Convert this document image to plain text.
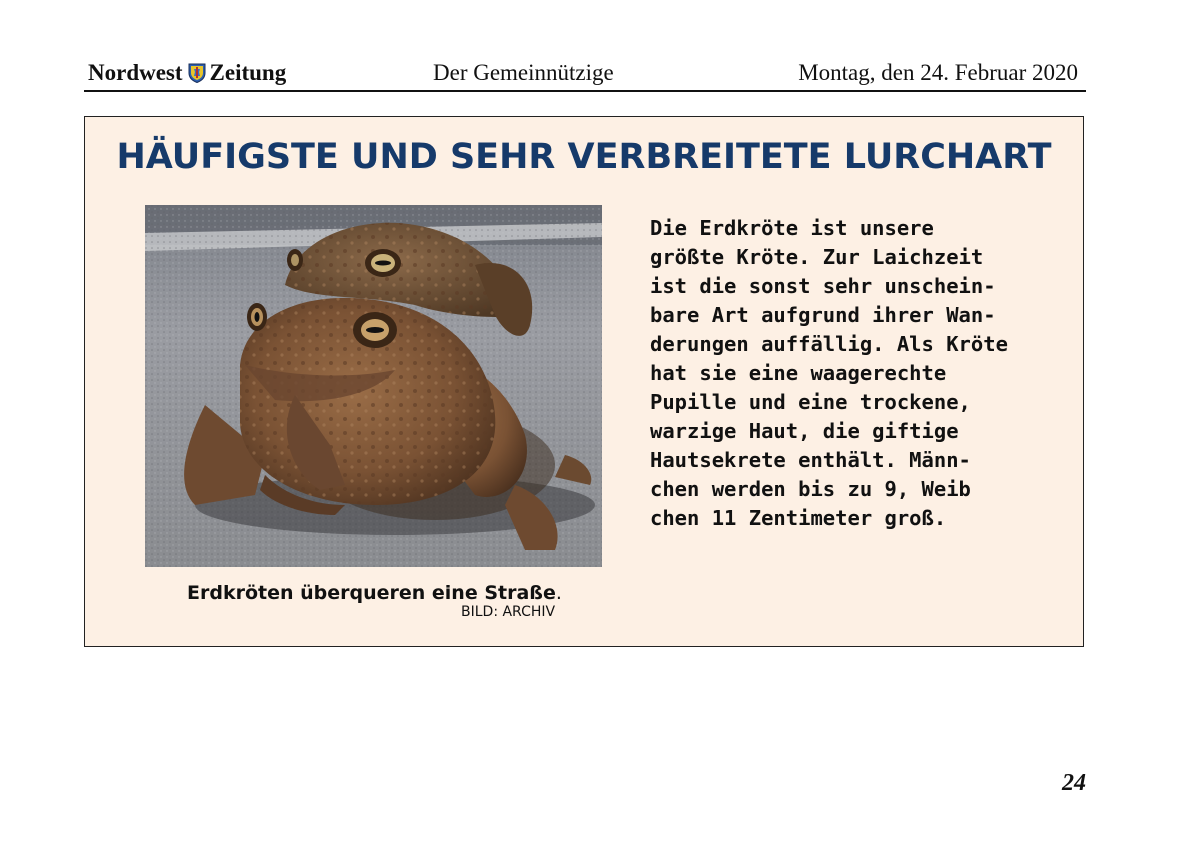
Nordwest Zeitung	Der Gemeinnützige	Montag, den 24. Februar 2020
HÄUFIGSTE UND SEHR VERBREITETE LURCHART
Erdkröten überqueren eine Straße.
BILD: ARCHIV
Die Erdkröte ist unsere
größte Kröte. Zur Laichzeit
ist die sonst sehr unschein-
bare Art aufgrund ihrer Wan-
derungen auffällig. Als Kröte
hat sie eine waagerechte
Pupille und eine trockene,
warzige Haut, die giftige
Hautsekrete enthält. Männ-
chen werden bis zu 9, Weib
chen 11 Zentimeter groß.
24
